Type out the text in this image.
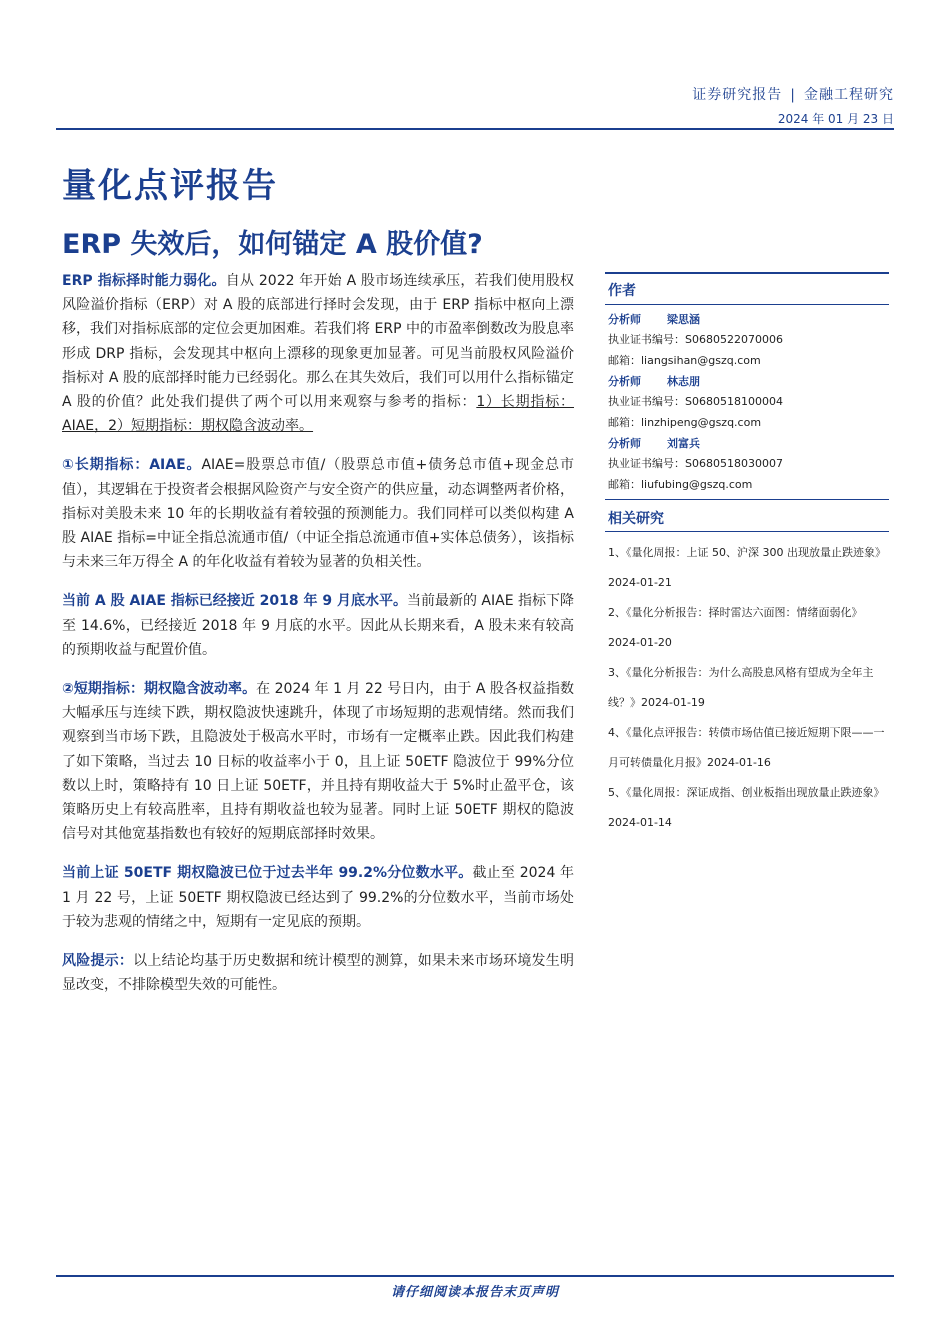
证券研究报告 | 金融工程研究
2024 年 01 月 23 日
量化点评报告
ERP 失效后，如何锚定 A 股价值?

ERP 指标择时能力弱化。自从 2022 年开始 A 股市场连续承压，若我们使用股权风险溢价指标（ERP）对 A 股的底部进行择时会发现，由于 ERP 指标中枢向上漂移，我们对指标底部的定位会更加困难。若我们将 ERP 中的市盈率倒数改为股息率形成 DRP 指标，会发现其中枢向上漂移的现象更加显著。可见当前股权风险溢价指标对 A 股的底部择时能力已经弱化。那么在其失效后，我们可以用什么指标锚定 A 股的价值？此处我们提供了两个可以用来观察与参考的指标：1）长期指标：AIAE，2）短期指标：期权隐含波动率。

①长期指标：AIAE。AIAE=股票总市值/（股票总市值+债务总市值+现金总市值），其逻辑在于投资者会根据风险资产与安全资产的供应量，动态调整两者价格，指标对美股未来 10 年的长期收益有着较强的预测能力。我们同样可以类似构建 A 股 AIAE 指标=中证全指总流通市值/（中证全指总流通市值+实体总债务），该指标与未来三年万得全 A 的年化收益有着较为显著的负相关性。

当前 A 股 AIAE 指标已经接近 2018 年 9 月底水平。当前最新的 AIAE 指标下降至 14.6%，已经接近 2018 年 9 月底的水平。因此从长期来看，A 股未来有较高的预期收益与配置价值。

②短期指标：期权隐含波动率。在 2024 年 1 月 22 号日内，由于 A 股各权益指数大幅承压与连续下跌，期权隐波快速跳升，体现了市场短期的悲观情绪。然而我们观察到当市场下跌，且隐波处于极高水平时，市场有一定概率止跌。因此我们构建了如下策略，当过去 10 日标的收益率小于 0，且上证 50ETF 隐波位于 99%分位数以上时，策略持有 10 日上证 50ETF，并且持有期收益大于 5%时止盈平仓，该策略历史上有较高胜率，且持有期收益也较为显著。同时上证 50ETF 期权的隐波信号对其他宽基指数也有较好的短期底部择时效果。

当前上证 50ETF 期权隐波已位于过去半年 99.2%分位数水平。截止至 2024 年 1 月 22 号，上证 50ETF 期权隐波已经达到了 99.2%的分位数水平，当前市场处于较为悲观的情绪之中，短期有一定见底的预期。

风险提示：以上结论均基于历史数据和统计模型的测算，如果未来市场环境发生明显改变，不排除模型失效的可能性。

作者
分析师 梁思涵
执业证书编号：S0680522070006
邮箱：liangsihan@gszq.com
分析师 林志朋
执业证书编号：S0680518100004
邮箱：linzhipeng@gszq.com
分析师 刘富兵
执业证书编号：S0680518030007
邮箱：liufubing@gszq.com
相关研究
1、《量化周报：上证 50、沪深 300 出现放量止跌迹象》
2024-01-21
2、《量化分析报告：择时雷达六面图：情绪面弱化》
2024-01-20
3、《量化分析报告：为什么高股息风格有望成为全年主线？》2024-01-19
4、《量化点评报告：转债市场估值已接近短期下限——一月可转债量化月报》2024-01-16
5、《量化周报：深证成指、创业板指出现放量止跌迹象》
2024-01-14
请仔细阅读本报告末页声明
